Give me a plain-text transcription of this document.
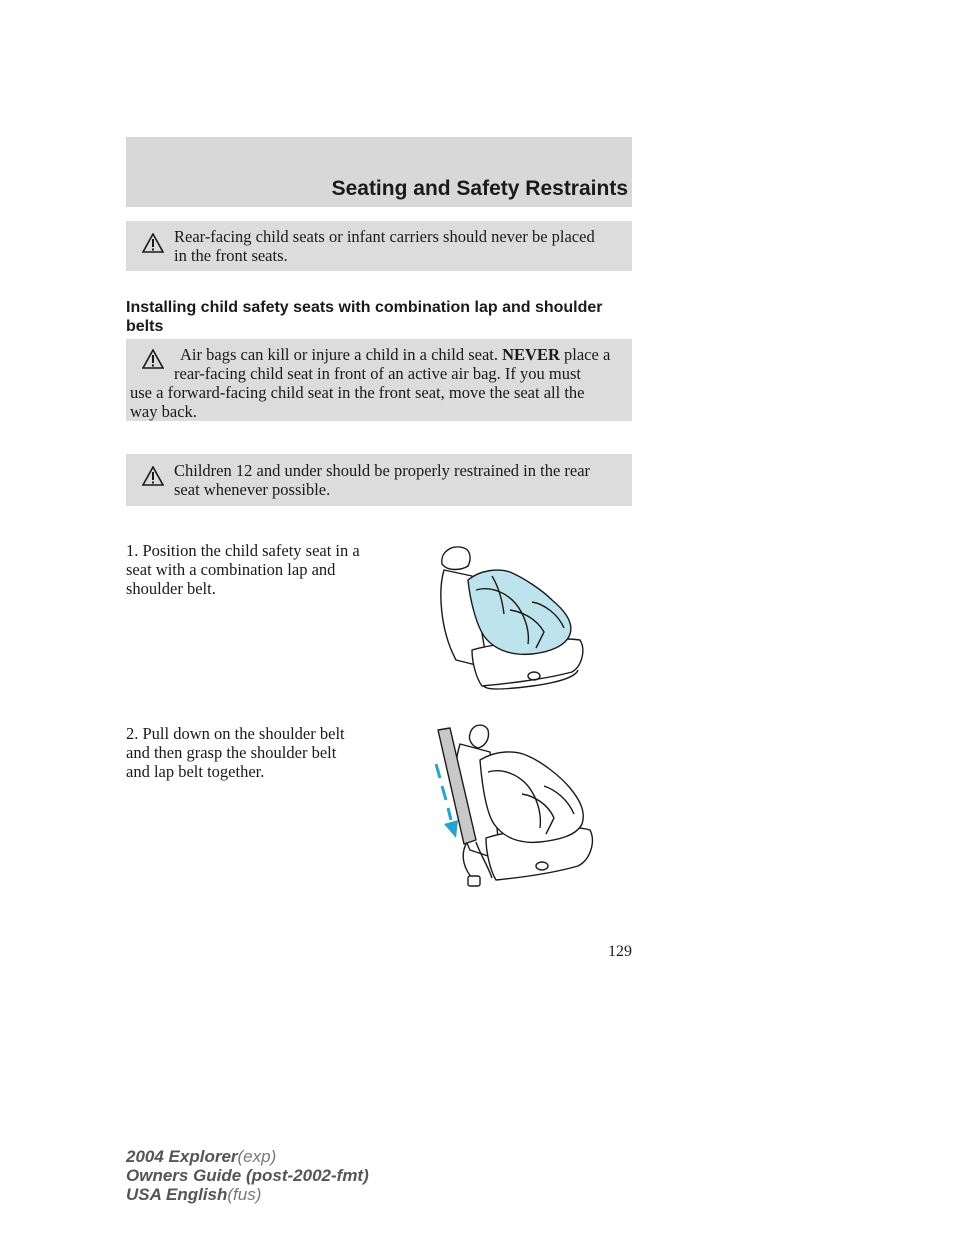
Seating and Safety Restraints
Rear-facing child seats or infant carriers should never be placed
in the front seats.
Installing child safety seats with combination lap and shoulder
belts
Air bags can kill or injure a child in a child seat. NEVER place a
rear-facing child seat in front of an active air bag. If you must
use a forward-facing child seat in the front seat, move the seat all the
way back.
Children 12 and under should be properly restrained in the rear
seat whenever possible.
1. Position the child safety seat in a
seat with a combination lap and
shoulder belt.
2. Pull down on the shoulder belt
and then grasp the shoulder belt
and lap belt together.
129
2004 Explorer(exp)
Owners Guide (post-2002-fmt)
USA English(fus)
